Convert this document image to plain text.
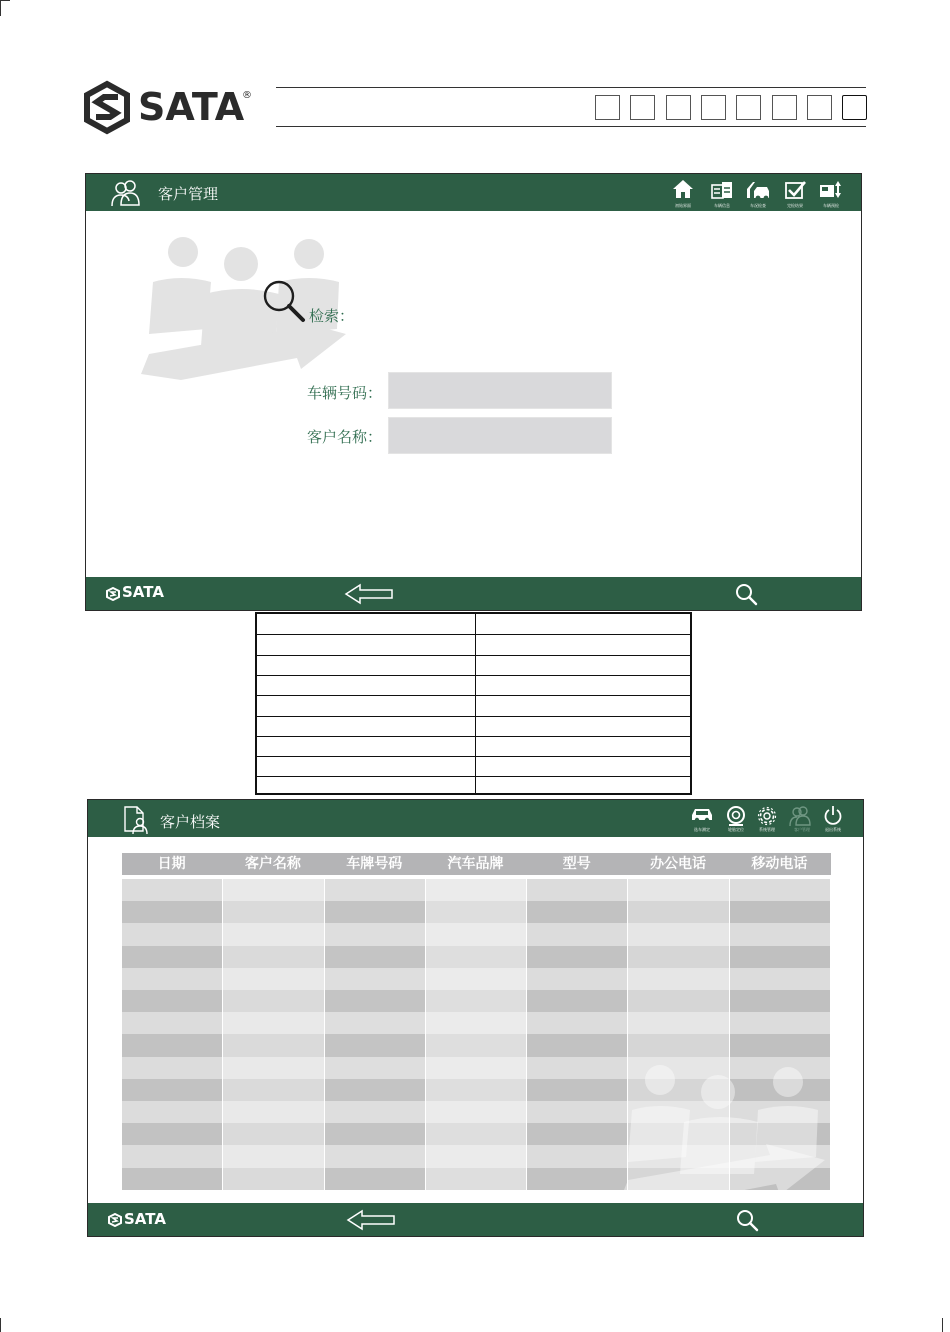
SATA
®
客户管理
初始界面	车辆信息	车况检查	完检结果	车辆预检
检索：
车辆号码：
客户名称：
SATA
客户档案	选车测定	轮胎定位	系统管理	客户管理	退出系统
日期	客户名称	车牌号码	汽车品牌	型号	办公电话	移动电话
SATA
